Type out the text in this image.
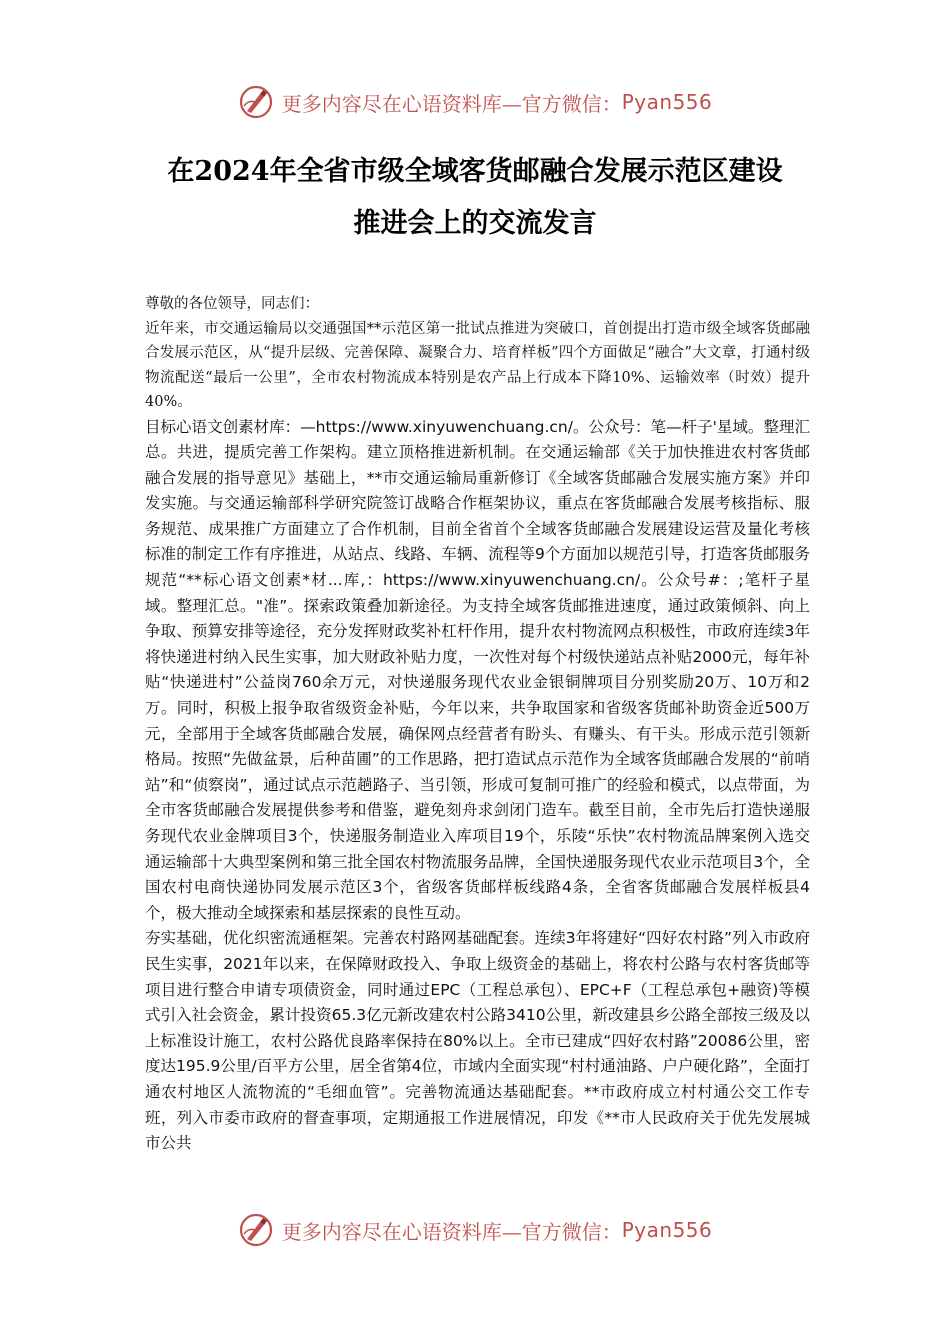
更多内容尽在心语资料库—官方微信： Pyan556
在2024年全省市级全域客货邮融合发展示范区建设
推进会上的交流发言

尊敬的各位领导，同志们：

近年来，市交通运输局以交通强国**示范区第一批试点推进为突破口，首创提出打造市级全域客货邮融合发展示范区，从“提升层级、完善保障、凝聚合力、培育样板”四个方面做足“融合”大文章，打通村级物流配送“最后一公里”，全市农村物流成本特别是农产品上行成本下降10%、运输效率（时效）提升40%。

目标心语文创素材库：—https://www.xinyuwenchuang.cn/。公众号：笔—杆子'星域。整理汇总。共进，提质完善工作架构。建立顶格推进新机制。在交通运输部《关于加快推进农村客货邮融合发展的指导意见》基础上，**市交通运输局重新修订《全域客货邮融合发展实施方案》并印发实施。与交通运输部科学研究院签订战略合作框架协议，重点在客货邮融合发展考核指标、服务规范、成果推广方面建立了合作机制，目前全省首个全域客货邮融合发展建设运营及量化考核标准的制定工作有序推进，从站点、线路、车辆、流程等9个方面加以规范引导，打造客货邮服务规范“**标心语文创素*材...库,：https://www.xinyuwenchuang.cn/。公众号#：;笔杆子星域。整理汇总。"准”。探索政策叠加新途径。为支持全域客货邮推进速度，通过政策倾斜、向上争取、预算安排等途径，充分发挥财政奖补杠杆作用，提升农村物流网点积极性，市政府连续3年将快递进村纳入民生实事，加大财政补贴力度，一次性对每个村级快递站点补贴2000元，每年补贴“快递进村”公益岗760余万元，对快递服务现代农业金银铜牌项目分别奖励20万、10万和2万。同时，积极上报争取省级资金补贴，今年以来，共争取国家和省级客货邮补助资金近500万元，全部用于全域客货邮融合发展，确保网点经营者有盼头、有赚头、有干头。形成示范引领新格局。按照“先做盆景，后种苗圃”的工作思路，把打造试点示范作为全域客货邮融合发展的“前哨站”和“侦察岗”，通过试点示范趟路子、当引领，形成可复制可推广的经验和模式，以点带面，为全市客货邮融合发展提供参考和借鉴，避免刻舟求剑闭门造车。截至目前，全市先后打造快递服务现代农业金牌项目3个，快递服务制造业入库项目19个，乐陵“乐快”农村物流品牌案例入选交通运输部十大典型案例和第三批全国农村物流服务品牌，全国快递服务现代农业示范项目3个，全国农村电商快递协同发展示范区3个，省级客货邮样板线路4条，全省客货邮融合发展样板县4个，极大推动全域探索和基层探索的良性互动。

夯实基础，优化织密流通框架。完善农村路网基础配套。连续3年将建好“四好农村路”列入市政府民生实事，2021年以来，在保障财政投入、争取上级资金的基础上，将农村公路与农村客货邮等项目进行整合申请专项债资金，同时通过EPC（工程总承包）、EPC+F（工程总承包+融资)等模式引入社会资金，累计投资65.3亿元新改建农村公路3410公里，新改建县乡公路全部按三级及以上标准设计施工，农村公路优良路率保持在80%以上。全市已建成“四好农村路”20086公里，密度达195.9公里/百平方公里，居全省第4位，市域内全面实现“村村通油路、户户硬化路”，全面打通农村地区人流物流的“毛细血管”。完善物流通达基础配套。**市政府成立村村通公交工作专班，列入市委市政府的督查事项，定期通报工作进展情况，印发《**市人民政府关于优先发展城市公共

更多内容尽在心语资料库—官方微信： Pyan556
